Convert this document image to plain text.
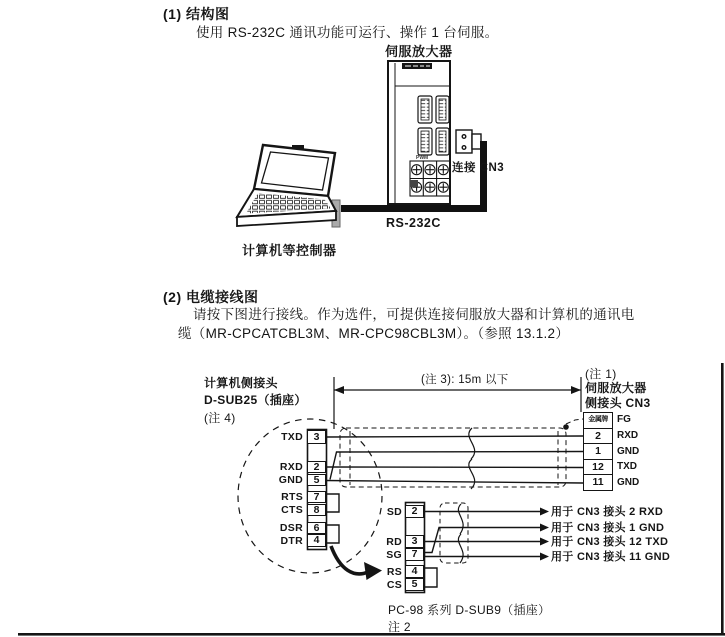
(1) 结构图
使用 RS-232C 通讯功能可运行、操作 1 台伺服。
伺服放大器
PWM
连接 CN3
RS-232C
计算机等控制器
(2) 电缆接线图
请按下图进行接线。作为选件，可提供连接伺服放大器和计算机的通讯电
缆（MR-CPCATCBL3M、MR-CPC98CBL3M）。（参照 13.1.2）
计算机侧接头
D-SUB25（插座）
(注 4)
(注 3): 15m 以下	(注 1)
伺服放大器
侧接头 CN3
金属牌
2
1
12
11
FG
RXD
GND
TXD
GND
TXD
RXD
GND
RTS
CTS
DSR
DTR
3
2
5
7
8
6
4
SD
RD
SG
RS
CS
2
3
7
4
5
用于 CN3 接头 2 RXD
用于 CN3 接头 1 GND
用于 CN3 接头 12 TXD
用于 CN3 接头 11 GND
PC-98 系列 D-SUB9（插座）
注 2
